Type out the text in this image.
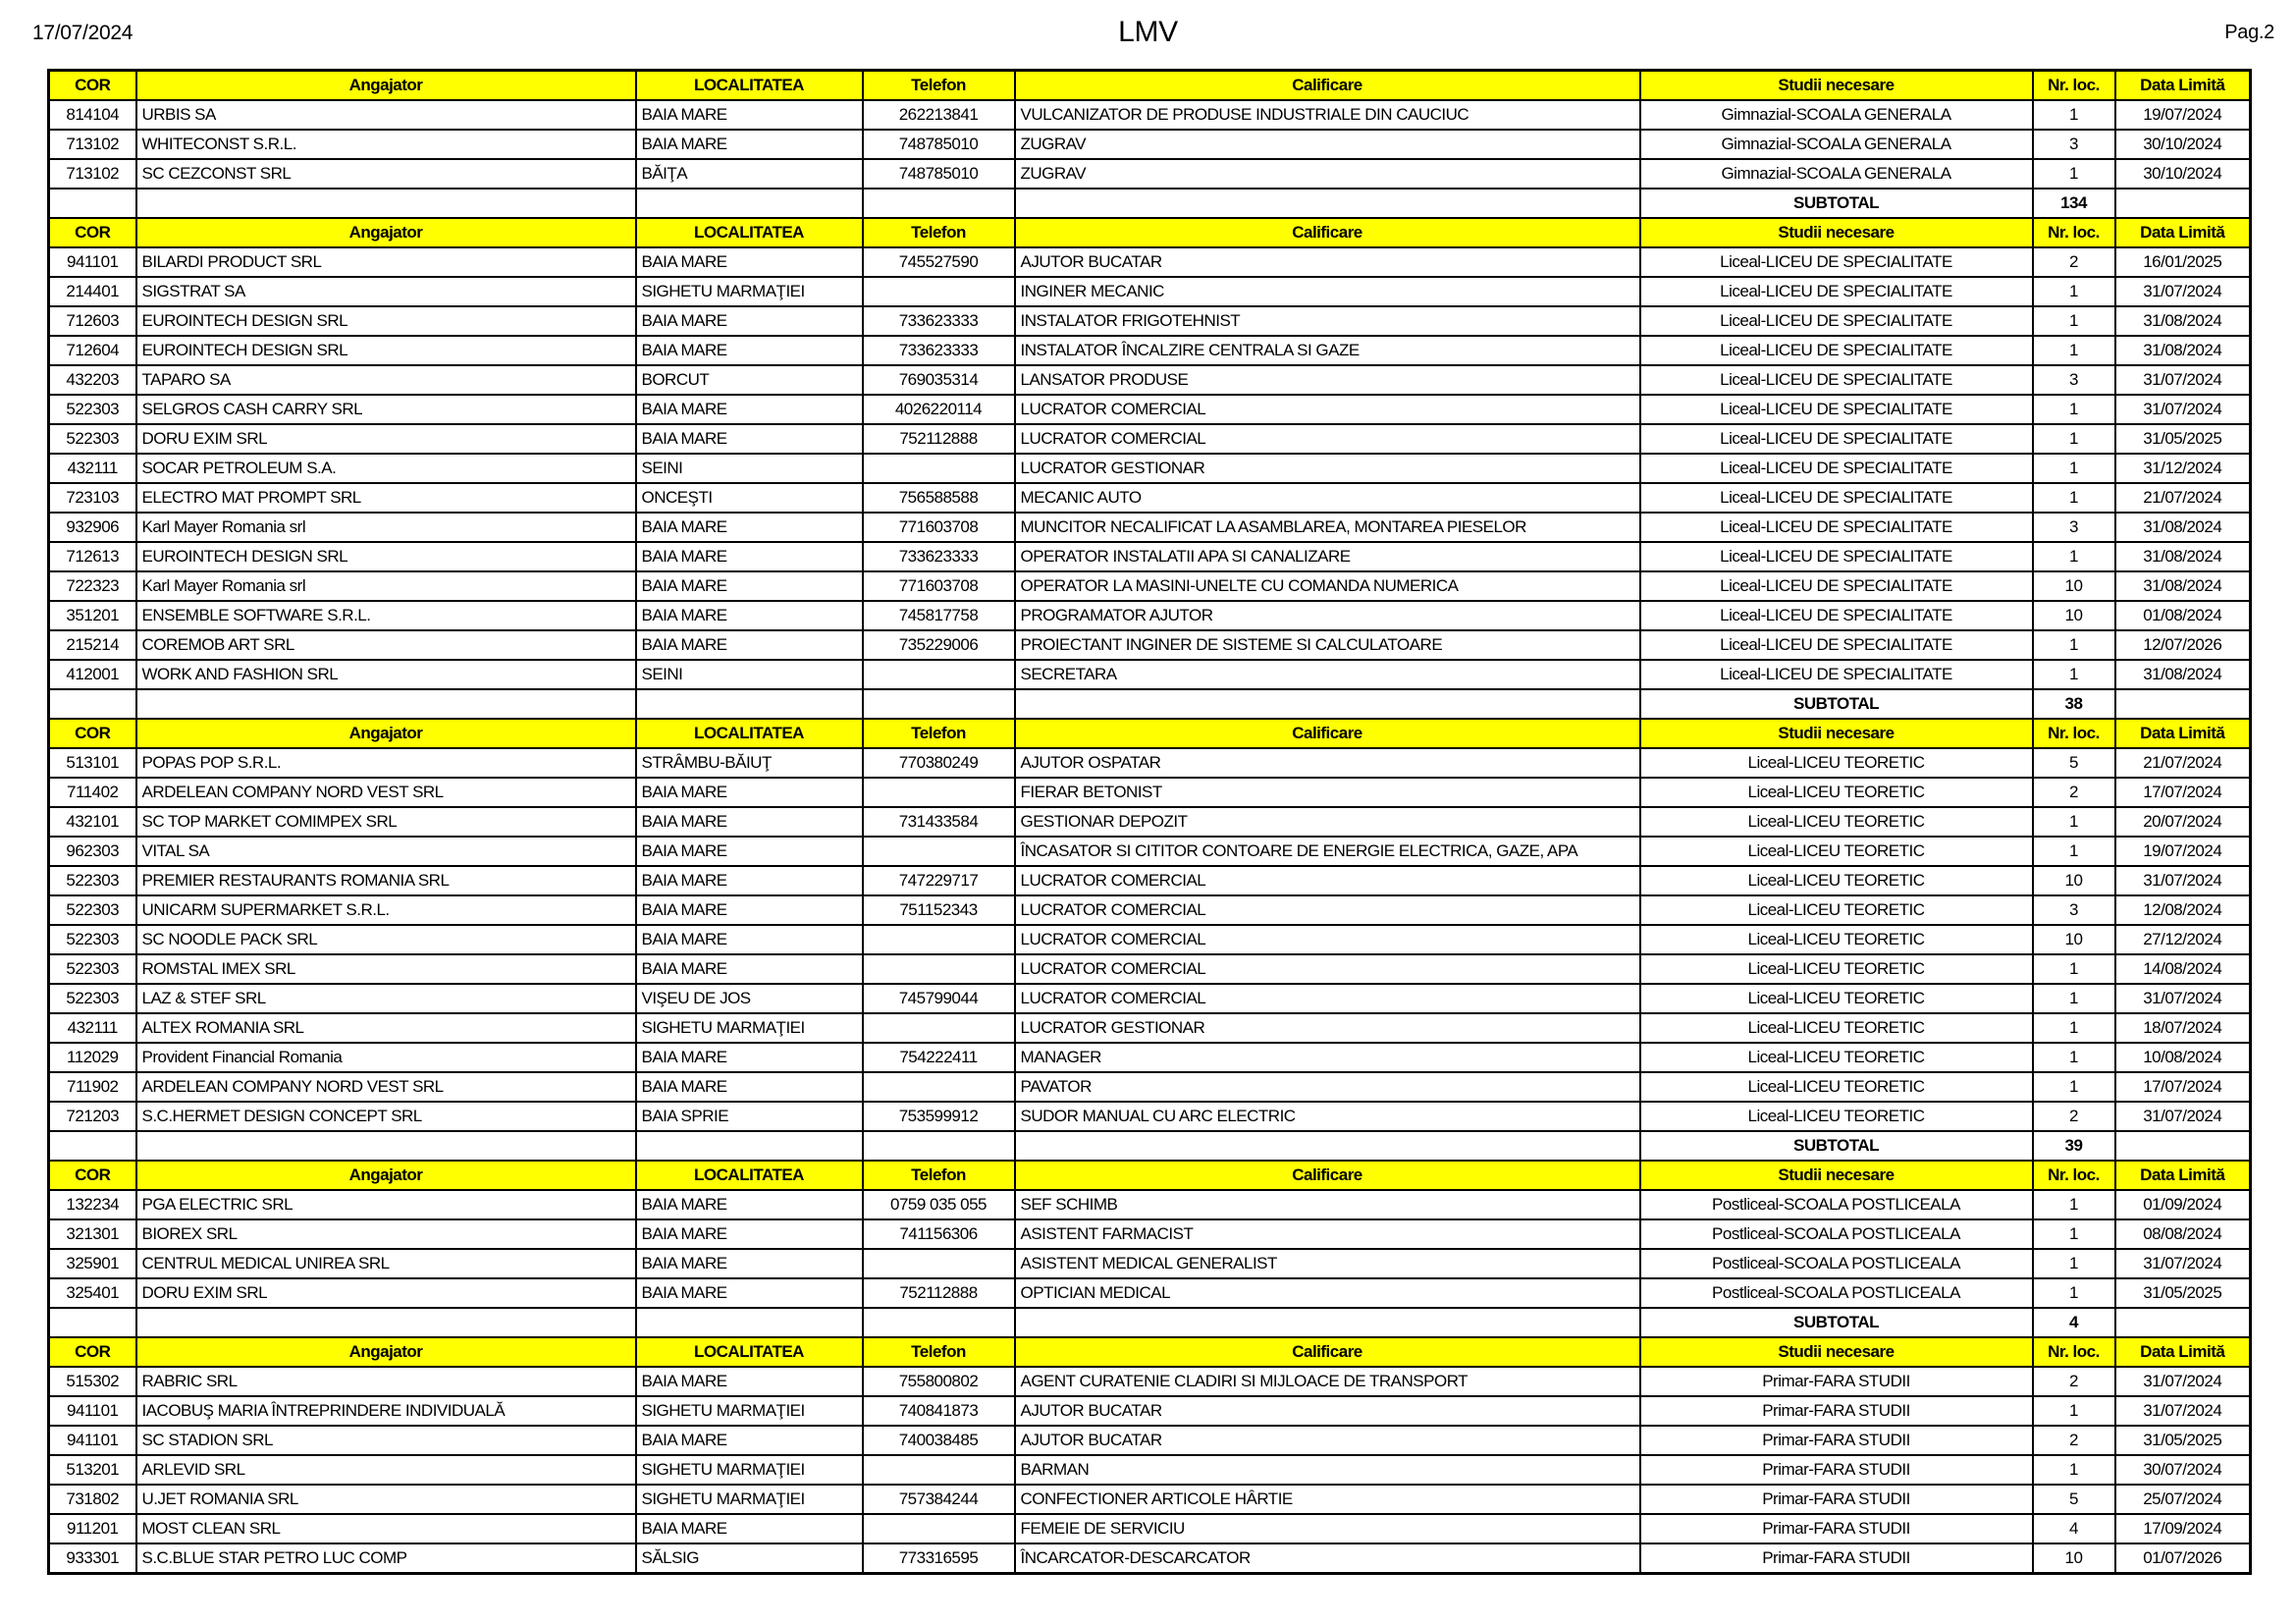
17/07/2024	LMV	Pag.2
COR	Angajator	LOCALITATEA	Telefon	Calificare	Studii necesare	Nr. loc.	Data Limită
814104	URBIS SA	BAIA MARE	262213841	VULCANIZATOR DE PRODUSE INDUSTRIALE DIN CAUCIUC	Gimnazial-SCOALA GENERALA	1	19/07/2024
713102	WHITECONST S.R.L.	BAIA MARE	748785010	ZUGRAV	Gimnazial-SCOALA GENERALA	3	30/10/2024
713102	SC CEZCONST SRL	BĂIŢA	748785010	ZUGRAV	Gimnazial-SCOALA GENERALA	1	30/10/2024
					SUBTOTAL	134	
COR	Angajator	LOCALITATEA	Telefon	Calificare	Studii necesare	Nr. loc.	Data Limită
941101	BILARDI PRODUCT SRL	BAIA MARE	745527590	AJUTOR BUCATAR	Liceal-LICEU DE SPECIALITATE	2	16/01/2025
214401	SIGSTRAT SA	SIGHETU MARMAŢIEI		INGINER MECANIC	Liceal-LICEU DE SPECIALITATE	1	31/07/2024
712603	EUROINTECH DESIGN SRL	BAIA MARE	733623333	INSTALATOR FRIGOTEHNIST	Liceal-LICEU DE SPECIALITATE	1	31/08/2024
712604	EUROINTECH DESIGN SRL	BAIA MARE	733623333	INSTALATOR ÎNCALZIRE CENTRALA SI GAZE	Liceal-LICEU DE SPECIALITATE	1	31/08/2024
432203	TAPARO SA	BORCUT	769035314	LANSATOR PRODUSE	Liceal-LICEU DE SPECIALITATE	3	31/07/2024
522303	SELGROS CASH CARRY SRL	BAIA MARE	4026220114	LUCRATOR COMERCIAL	Liceal-LICEU DE SPECIALITATE	1	31/07/2024
522303	DORU EXIM SRL	BAIA MARE	752112888	LUCRATOR COMERCIAL	Liceal-LICEU DE SPECIALITATE	1	31/05/2025
432111	SOCAR PETROLEUM S.A.	SEINI		LUCRATOR GESTIONAR	Liceal-LICEU DE SPECIALITATE	1	31/12/2024
723103	ELECTRO MAT PROMPT SRL	ONCEŞTI	756588588	MECANIC AUTO	Liceal-LICEU DE SPECIALITATE	1	21/07/2024
932906	Karl Mayer Romania srl	BAIA MARE	771603708	MUNCITOR NECALIFICAT LA ASAMBLAREA, MONTAREA PIESELOR	Liceal-LICEU DE SPECIALITATE	3	31/08/2024
712613	EUROINTECH DESIGN SRL	BAIA MARE	733623333	OPERATOR INSTALATII APA SI CANALIZARE	Liceal-LICEU DE SPECIALITATE	1	31/08/2024
722323	Karl Mayer Romania srl	BAIA MARE	771603708	OPERATOR LA MASINI-UNELTE CU COMANDA NUMERICA	Liceal-LICEU DE SPECIALITATE	10	31/08/2024
351201	ENSEMBLE SOFTWARE S.R.L.	BAIA MARE	745817758	PROGRAMATOR AJUTOR	Liceal-LICEU DE SPECIALITATE	10	01/08/2024
215214	COREMOB ART SRL	BAIA MARE	735229006	PROIECTANT INGINER DE SISTEME SI CALCULATOARE	Liceal-LICEU DE SPECIALITATE	1	12/07/2026
412001	WORK AND FASHION SRL	SEINI		SECRETARA	Liceal-LICEU DE SPECIALITATE	1	31/08/2024
					SUBTOTAL	38	
COR	Angajator	LOCALITATEA	Telefon	Calificare	Studii necesare	Nr. loc.	Data Limită
513101	POPAS POP S.R.L.	STRÂMBU-BĂIUŢ	770380249	AJUTOR OSPATAR	Liceal-LICEU TEORETIC	5	21/07/2024
711402	ARDELEAN COMPANY NORD VEST SRL	BAIA MARE		FIERAR BETONIST	Liceal-LICEU TEORETIC	2	17/07/2024
432101	SC TOP MARKET COMIMPEX SRL	BAIA MARE	731433584	GESTIONAR DEPOZIT	Liceal-LICEU TEORETIC	1	20/07/2024
962303	VITAL SA	BAIA MARE		ÎNCASATOR SI CITITOR CONTOARE DE ENERGIE ELECTRICA, GAZE, APA	Liceal-LICEU TEORETIC	1	19/07/2024
522303	PREMIER RESTAURANTS ROMANIA SRL	BAIA MARE	747229717	LUCRATOR COMERCIAL	Liceal-LICEU TEORETIC	10	31/07/2024
522303	UNICARM SUPERMARKET S.R.L.	BAIA MARE	751152343	LUCRATOR COMERCIAL	Liceal-LICEU TEORETIC	3	12/08/2024
522303	SC NOODLE PACK SRL	BAIA MARE		LUCRATOR COMERCIAL	Liceal-LICEU TEORETIC	10	27/12/2024
522303	ROMSTAL IMEX SRL	BAIA MARE		LUCRATOR COMERCIAL	Liceal-LICEU TEORETIC	1	14/08/2024
522303	LAZ & STEF SRL	VIŞEU DE JOS	745799044	LUCRATOR COMERCIAL	Liceal-LICEU TEORETIC	1	31/07/2024
432111	ALTEX ROMANIA SRL	SIGHETU MARMAŢIEI		LUCRATOR GESTIONAR	Liceal-LICEU TEORETIC	1	18/07/2024
112029	Provident Financial Romania	BAIA MARE	754222411	MANAGER	Liceal-LICEU TEORETIC	1	10/08/2024
711902	ARDELEAN COMPANY NORD VEST SRL	BAIA MARE		PAVATOR	Liceal-LICEU TEORETIC	1	17/07/2024
721203	S.C.HERMET DESIGN CONCEPT SRL	BAIA SPRIE	753599912	SUDOR MANUAL CU ARC ELECTRIC	Liceal-LICEU TEORETIC	2	31/07/2024
					SUBTOTAL	39	
COR	Angajator	LOCALITATEA	Telefon	Calificare	Studii necesare	Nr. loc.	Data Limită
132234	PGA ELECTRIC SRL	BAIA MARE	0759 035 055	SEF SCHIMB	Postliceal-SCOALA POSTLICEALA	1	01/09/2024
321301	BIOREX SRL	BAIA MARE	741156306	ASISTENT FARMACIST	Postliceal-SCOALA POSTLICEALA	1	08/08/2024
325901	CENTRUL MEDICAL UNIREA SRL	BAIA MARE		ASISTENT MEDICAL GENERALIST	Postliceal-SCOALA POSTLICEALA	1	31/07/2024
325401	DORU EXIM SRL	BAIA MARE	752112888	OPTICIAN MEDICAL	Postliceal-SCOALA POSTLICEALA	1	31/05/2025
					SUBTOTAL	4	
COR	Angajator	LOCALITATEA	Telefon	Calificare	Studii necesare	Nr. loc.	Data Limită
515302	RABRIC SRL	BAIA MARE	755800802	AGENT CURATENIE CLADIRI SI MIJLOACE DE TRANSPORT	Primar-FARA STUDII	2	31/07/2024
941101	IACOBUŞ MARIA ÎNTREPRINDERE INDIVIDUALĂ	SIGHETU MARMAŢIEI	740841873	AJUTOR BUCATAR	Primar-FARA STUDII	1	31/07/2024
941101	SC STADION SRL	BAIA MARE	740038485	AJUTOR BUCATAR	Primar-FARA STUDII	2	31/05/2025
513201	ARLEVID SRL	SIGHETU MARMAŢIEI		BARMAN	Primar-FARA STUDII	1	30/07/2024
731802	U.JET ROMANIA SRL	SIGHETU MARMAŢIEI	757384244	CONFECTIONER ARTICOLE HÂRTIE	Primar-FARA STUDII	5	25/07/2024
911201	MOST CLEAN SRL	BAIA MARE		FEMEIE DE SERVICIU	Primar-FARA STUDII	4	17/09/2024
933301	S.C.BLUE STAR PETRO LUC COMP	SĂLSIG	773316595	ÎNCARCATOR-DESCARCATOR	Primar-FARA STUDII	10	01/07/2026
